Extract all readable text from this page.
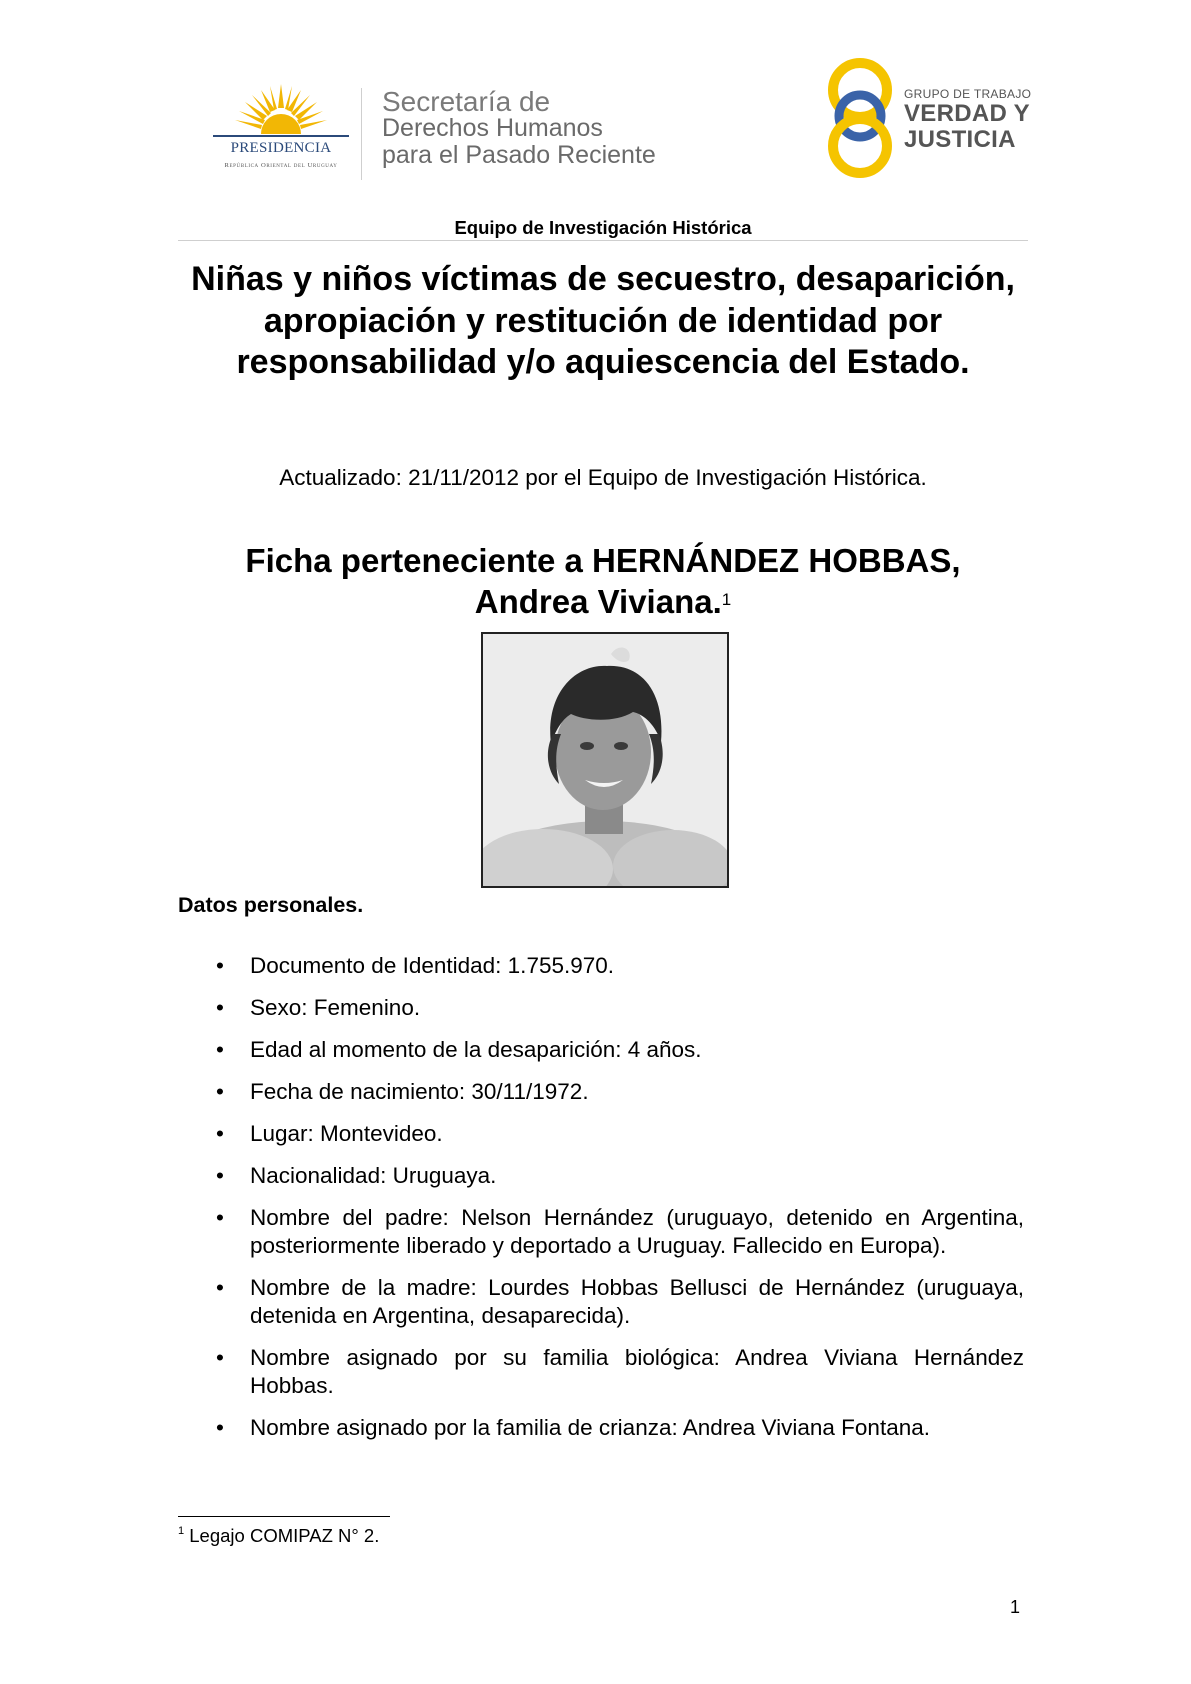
PRESIDENCIA
República Oriental del Uruguay
Secretaría de
Derechos Humanos
para el Pasado Reciente
GRUPO DE TRABAJO
VERDAD Y
JUSTICIA
Equipo de Investigación Histórica
Niñas y niños víctimas de secuestro, desaparición, apropiación y restitución de identidad por responsabilidad y/o aquiescencia del Estado.
Actualizado: 21/11/2012 por el Equipo de Investigación Histórica.
Ficha perteneciente a HERNÁNDEZ HOBBAS,
Andrea Viviana.$^1$
Datos personales.
• Documento de Identidad: 1.755.970.
• Sexo: Femenino.
• Edad al momento de la desaparición: 4 años.
• Fecha de nacimiento: 30/11/1972.
• Lugar: Montevideo.
• Nacionalidad: Uruguaya.
• Nombre del padre: Nelson Hernández (uruguayo, detenido en Argentina, posteriormente liberado y deportado a Uruguay. Fallecido en Europa).
• Nombre de la madre: Lourdes Hobbas Bellusci de Hernández (uruguaya, detenida en Argentina, desaparecida).
• Nombre asignado por su familia biológica: Andrea Viviana Hernández Hobbas.
• Nombre asignado por la familia de crianza: Andrea Viviana Fontana.
$^1$ Legajo COMIPAZ N° 2.
1
